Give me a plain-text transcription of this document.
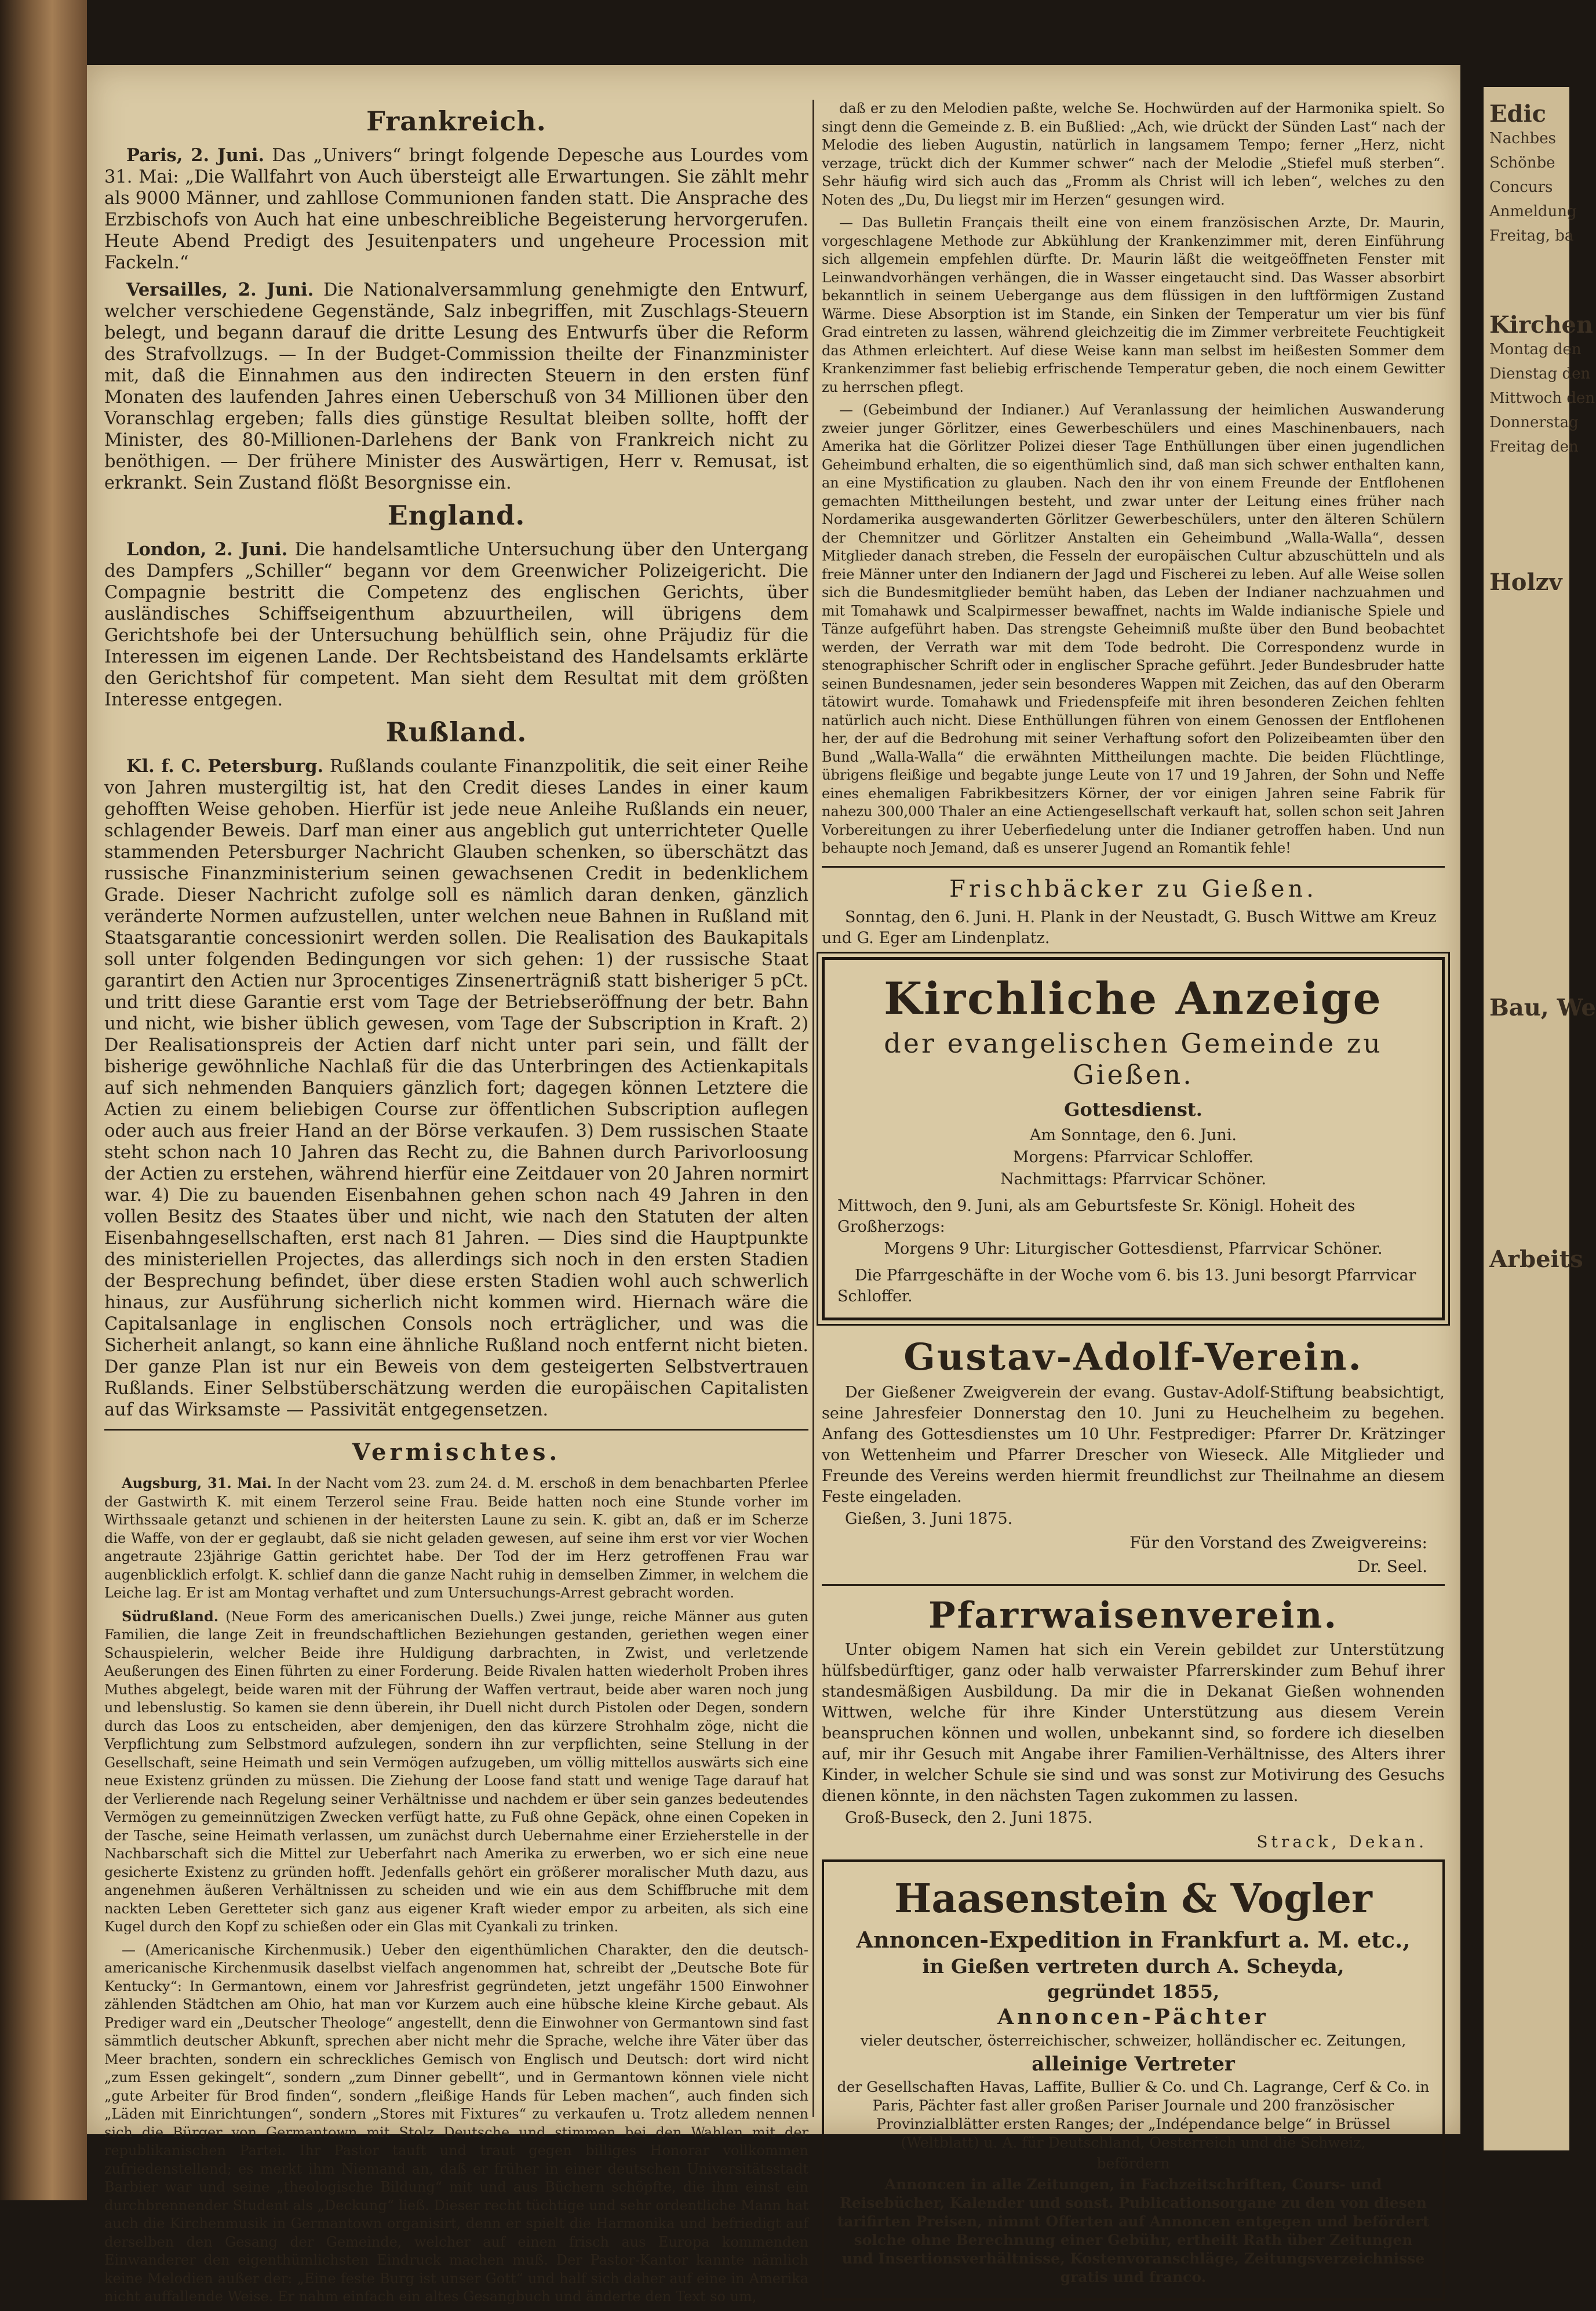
Frankreich.

Paris, 2. Juni. Das „Univers“ bringt folgende Depesche aus Lourdes vom 31. Mai: „Die Wallfahrt von Auch übersteigt alle Erwartungen. Sie zählt mehr als 9000 Männer, und zahllose Communionen fanden statt. Die Ansprache des Erzbischofs von Auch hat eine unbeschreibliche Begeisterung hervorgerufen. Heute Abend Predigt des Jesuitenpaters und ungeheure Procession mit Fackeln.“

Versailles, 2. Juni. Die Nationalversammlung genehmigte den Entwurf, welcher verschiedene Gegenstände, Salz inbegriffen, mit Zuschlags-Steuern belegt, und begann darauf die dritte Lesung des Entwurfs über die Reform des Strafvollzugs. — In der Budget-Commission theilte der Finanzminister mit, daß die Einnahmen aus den indirecten Steuern in den ersten fünf Monaten des laufenden Jahres einen Ueberschuß von 34 Millionen über den Voranschlag ergeben; falls dies günstige Resultat bleiben sollte, hofft der Minister, des 80-Millionen-Darlehens der Bank von Frankreich nicht zu benöthigen. — Der frühere Minister des Auswärtigen, Herr v. Remusat, ist erkrankt. Sein Zustand flößt Besorgnisse ein.

England.

London, 2. Juni. Die handelsamtliche Untersuchung über den Untergang des Dampfers „Schiller“ begann vor dem Greenwicher Polizeigericht. Die Compagnie bestritt die Competenz des englischen Gerichts, über ausländisches Schiffseigenthum abzuurtheilen, will übrigens dem Gerichtshofe bei der Untersuchung behülflich sein, ohne Präjudiz für die Interessen im eigenen Lande. Der Rechtsbeistand des Handelsamts erklärte den Gerichtshof für competent. Man sieht dem Resultat mit dem größten Interesse entgegen.

Rußland.

Kl. f. C. Petersburg. Rußlands coulante Finanzpolitik, die seit einer Reihe von Jahren mustergiltig ist, hat den Credit dieses Landes in einer kaum gehofften Weise gehoben. Hierfür ist jede neue Anleihe Rußlands ein neuer, schlagender Beweis. Darf man einer aus angeblich gut unterrichteter Quelle stammenden Petersburger Nachricht Glauben schenken, so überschätzt das russische Finanzministerium seinen gewachsenen Credit in bedenklichem Grade. Dieser Nachricht zufolge soll es nämlich daran denken, gänzlich veränderte Normen aufzustellen, unter welchen neue Bahnen in Rußland mit Staatsgarantie concessionirt werden sollen. Die Realisation des Baukapitals soll unter folgenden Bedingungen vor sich gehen: 1) der russische Staat garantirt den Actien nur 3procentiges Zinsenerträgniß statt bisheriger 5 pCt. und tritt diese Garantie erst vom Tage der Betriebseröffnung der betr. Bahn und nicht, wie bisher üblich gewesen, vom Tage der Subscription in Kraft. 2) Der Realisationspreis der Actien darf nicht unter pari sein, und fällt der bisherige gewöhnliche Nachlaß für die das Unterbringen des Actienkapitals auf sich nehmenden Banquiers gänzlich fort; dagegen können Letztere die Actien zu einem beliebigen Course zur öffentlichen Subscription auflegen oder auch aus freier Hand an der Börse verkaufen. 3) Dem russischen Staate steht schon nach 10 Jahren das Recht zu, die Bahnen durch Parivorloosung der Actien zu erstehen, während hierfür eine Zeitdauer von 20 Jahren normirt war. 4) Die zu bauenden Eisenbahnen gehen schon nach 49 Jahren in den vollen Besitz des Staates über und nicht, wie nach den Statuten der alten Eisenbahngesellschaften, erst nach 81 Jahren. — Dies sind die Hauptpunkte des ministeriellen Projectes, das allerdings sich noch in den ersten Stadien der Besprechung befindet, über diese ersten Stadien wohl auch schwerlich hinaus, zur Ausführung sicherlich nicht kommen wird. Hiernach wäre die Capitalsanlage in englischen Consols noch erträglicher, und was die Sicherheit anlangt, so kann eine ähnliche Rußland noch entfernt nicht bieten. Der ganze Plan ist nur ein Beweis von dem gesteigerten Selbstvertrauen Rußlands. Einer Selbstüberschätzung werden die europäischen Capitalisten auf das Wirksamste — Passivität entgegensetzen.

Vermischtes.

Augsburg, 31. Mai. In der Nacht vom 23. zum 24. d. M. erschoß in dem benachbarten Pferlee der Gastwirth K. mit einem Terzerol seine Frau. Beide hatten noch eine Stunde vorher im Wirthssaale getanzt und schienen in der heitersten Laune zu sein. K. gibt an, daß er im Scherze die Waffe, von der er geglaubt, daß sie nicht geladen gewesen, auf seine ihm erst vor vier Wochen angetraute 23jährige Gattin gerichtet habe. Der Tod der im Herz getroffenen Frau war augenblicklich erfolgt. K. schlief dann die ganze Nacht ruhig in demselben Zimmer, in welchem die Leiche lag. Er ist am Montag verhaftet und zum Untersuchungs-Arrest gebracht worden.

Südrußland. (Neue Form des americanischen Duells.) Zwei junge, reiche Männer aus guten Familien, die lange Zeit in freundschaftlichen Beziehungen gestanden, geriethen wegen einer Schauspielerin, welcher Beide ihre Huldigung darbrachten, in Zwist, und verletzende Aeußerungen des Einen führten zu einer Forderung. Beide Rivalen hatten wiederholt Proben ihres Muthes abgelegt, beide waren mit der Führung der Waffen vertraut, beide aber waren noch jung und lebenslustig. So kamen sie denn überein, ihr Duell nicht durch Pistolen oder Degen, sondern durch das Loos zu entscheiden, aber demjenigen, den das kürzere Strohhalm zöge, nicht die Verpflichtung zum Selbstmord aufzulegen, sondern ihn zur verpflichten, seine Stellung in der Gesellschaft, seine Heimath und sein Vermögen aufzugeben, um völlig mittellos auswärts sich eine neue Existenz gründen zu müssen. Die Ziehung der Loose fand statt und wenige Tage darauf hat der Verlierende nach Regelung seiner Verhältnisse und nachdem er über sein ganzes bedeutendes Vermögen zu gemeinnützigen Zwecken verfügt hatte, zu Fuß ohne Gepäck, ohne einen Copeken in der Tasche, seine Heimath verlassen, um zunächst durch Uebernahme einer Erzieherstelle in der Nachbarschaft sich die Mittel zur Ueberfahrt nach Amerika zu erwerben, wo er sich eine neue gesicherte Existenz zu gründen hofft. Jedenfalls gehört ein größerer moralischer Muth dazu, aus angenehmen äußeren Verhältnissen zu scheiden und wie ein aus dem Schiffbruche mit dem nackten Leben Geretteter sich ganz aus eigener Kraft wieder empor zu arbeiten, als sich eine Kugel durch den Kopf zu schießen oder ein Glas mit Cyankali zu trinken.

— (Americanische Kirchenmusik.) Ueber den eigenthümlichen Charakter, den die deutsch-americanische Kirchenmusik daselbst vielfach angenommen hat, schreibt der „Deutsche Bote für Kentucky“: In Germantown, einem vor Jahresfrist gegründeten, jetzt ungefähr 1500 Einwohner zählenden Städtchen am Ohio, hat man vor Kurzem auch eine hübsche kleine Kirche gebaut. Als Prediger ward ein „Deutscher Theologe“ angestellt, denn die Einwohner von Germantown sind fast sämmtlich deutscher Abkunft, sprechen aber nicht mehr die Sprache, welche ihre Väter über das Meer brachten, sondern ein schreckliches Gemisch von Englisch und Deutsch: dort wird nicht „zum Essen gekingelt“, sondern „zum Dinner gebellt“, und in Germantown können viele nicht „gute Arbeiter für Brod finden“, sondern „fleißige Hands für Leben machen“, auch finden sich „Läden mit Einrichtungen“, sondern „Stores mit Fixtures“ zu verkaufen u. Trotz alledem nennen sich die Bürger von Germantown mit Stolz Deutsche und stimmen bei den Wahlen mit der republikanischen Partei. Ihr Pastor tauft und traut gegen billiges Honorar vollkommen zufriedenstellend; es merkt ihm Niemand an, daß er früher in einer deutschen Universitätsstadt Barbier war und seine „theologische Bildung“ mit und aus Büchern schöpfte, die ihm einst ein durchbrennender Student als „Deckung“ ließ. Dieser recht tüchtige und sehr ordentliche Mann hat auch die Kirchenmusik in Germantown organisirt, denn er spielt die Harmonika und befriedigt auf derselben den Gesang der Gemeinde, welcher auf einen frisch aus Europa kommenden Einwanderer den eigenthümlichsten Eindruck machen muß. Der Pastor-Kantor kannte nämlich keine Melodien außer der: „Eine feste Burg ist unser Gott“ und half sich daher auf eine in Amerika nicht auffallende Weise. Er nahm einfach ein altes Gesangbuch und änderte den Text so um,

daß er zu den Melodien paßte, welche Se. Hochwürden auf der Harmonika spielt. So singt denn die Gemeinde z. B. ein Bußlied: „Ach, wie drückt der Sünden Last“ nach der Melodie des lieben Augustin, natürlich in langsamem Tempo; ferner „Herz, nicht verzage, trückt dich der Kummer schwer“ nach der Melodie „Stiefel muß sterben“. Sehr häufig wird sich auch das „Fromm als Christ will ich leben“, welches zu den Noten des „Du, Du liegst mir im Herzen“ gesungen wird.

— Das Bulletin Français theilt eine von einem französischen Arzte, Dr. Maurin, vorgeschlagene Methode zur Abkühlung der Krankenzimmer mit, deren Einführung sich allgemein empfehlen dürfte. Dr. Maurin läßt die weitgeöffneten Fenster mit Leinwandvorhängen verhängen, die in Wasser eingetaucht sind. Das Wasser absorbirt bekanntlich in seinem Uebergange aus dem flüssigen in den luftförmigen Zustand Wärme. Diese Absorption ist im Stande, ein Sinken der Temperatur um vier bis fünf Grad eintreten zu lassen, während gleichzeitig die im Zimmer verbreitete Feuchtigkeit das Athmen erleichtert. Auf diese Weise kann man selbst im heißesten Sommer dem Krankenzimmer fast beliebig erfrischende Temperatur geben, die noch einem Gewitter zu herrschen pflegt.

— (Gebeimbund der Indianer.) Auf Veranlassung der heimlichen Auswanderung zweier junger Görlitzer, eines Gewerbeschülers und eines Maschinenbauers, nach Amerika hat die Görlitzer Polizei dieser Tage Enthüllungen über einen jugendlichen Geheimbund erhalten, die so eigenthümlich sind, daß man sich schwer enthalten kann, an eine Mystification zu glauben. Nach den ihr von einem Freunde der Entflohenen gemachten Mittheilungen besteht, und zwar unter der Leitung eines früher nach Nordamerika ausgewanderten Görlitzer Gewerbeschülers, unter den älteren Schülern der Chemnitzer und Görlitzer Anstalten ein Geheimbund „Walla-Walla“, dessen Mitglieder danach streben, die Fesseln der europäischen Cultur abzuschütteln und als freie Männer unter den Indianern der Jagd und Fischerei zu leben. Auf alle Weise sollen sich die Bundesmitglieder bemüht haben, das Leben der Indianer nachzuahmen und mit Tomahawk und Scalpirmesser bewaffnet, nachts im Walde indianische Spiele und Tänze aufgeführt haben. Das strengste Geheimniß mußte über den Bund beobachtet werden, der Verrath war mit dem Tode bedroht. Die Correspondenz wurde in stenographischer Schrift oder in englischer Sprache geführt. Jeder Bundesbruder hatte seinen Bundesnamen, jeder sein besonderes Wappen mit Zeichen, das auf den Oberarm tätowirt wurde. Tomahawk und Friedenspfeife mit ihren besonderen Zeichen fehlten natürlich auch nicht. Diese Enthüllungen führen von einem Genossen der Entflohenen her, der auf die Bedrohung mit seiner Verhaftung sofort den Polizeibeamten über den Bund „Walla-Walla“ die erwähnten Mittheilungen machte. Die beiden Flüchtlinge, übrigens fleißige und begabte junge Leute von 17 und 19 Jahren, der Sohn und Neffe eines ehemaligen Fabrikbesitzers Körner, der vor einigen Jahren seine Fabrik für nahezu 300,000 Thaler an eine Actiengesellschaft verkauft hat, sollen schon seit Jahren Vorbereitungen zu ihrer Ueberfiedelung unter die Indianer getroffen haben. Und nun behaupte noch Jemand, daß es unserer Jugend an Romantik fehle!

Frischbäcker zu Gießen.

Sonntag, den 6. Juni. H. Plank in der Neustadt, G. Busch Wittwe am Kreuz und G. Eger am Lindenplatz.

Kirchliche Anzeige
der evangelischen Gemeinde zu Gießen.
Gottesdienst.
Am Sonntage, den 6. Juni.
Morgens: Pfarrvicar Schloffer.
Nachmittags: Pfarrvicar Schöner.
Mittwoch, den 9. Juni, als am Geburtsfeste Sr. Königl. Hoheit des Großherzogs:
Morgens 9 Uhr: Liturgischer Gottesdienst, Pfarrvicar Schöner.
Die Pfarrgeschäfte in der Woche vom 6. bis 13. Juni besorgt Pfarrvicar Schloffer.
Gustav-Adolf-Verein.

Der Gießener Zweigverein der evang. Gustav-Adolf-Stiftung beabsichtigt, seine Jahresfeier Donnerstag den 10. Juni zu Heuchelheim zu begehen. Anfang des Gottesdienstes um 10 Uhr. Festprediger: Pfarrer Dr. Krätzinger von Wettenheim und Pfarrer Drescher von Wieseck. Alle Mitglieder und Freunde des Vereins werden hiermit freundlichst zur Theilnahme an diesem Feste eingeladen.

Gießen, 3. Juni 1875.

Für den Vorstand des Zweigvereins:
Dr. Seel.
Pfarrwaisenverein.

Unter obigem Namen hat sich ein Verein gebildet zur Unterstützung hülfsbedürftiger, ganz oder halb verwaister Pfarrerskinder zum Behuf ihrer standesmäßigen Ausbildung. Da mir die in Dekanat Gießen wohnenden Wittwen, welche für ihre Kinder Unterstützung aus diesem Verein beanspruchen können und wollen, unbekannt sind, so fordere ich dieselben auf, mir ihr Gesuch mit Angabe ihrer Familien-Verhältnisse, des Alters ihrer Kinder, in welcher Schule sie sind und was sonst zur Motivirung des Gesuchs dienen könnte, in den nächsten Tagen zukommen zu lassen.

Groß-Buseck, den 2. Juni 1875.

Strack, Dekan.
Haasenstein & Vogler
Annoncen-Expedition in Frankfurt a. M. etc.,
in Gießen vertreten durch A. Scheyda,
gegründet 1855,
Annoncen-Pächter
vieler deutscher, österreichischer, schweizer, holländischer ec. Zeitungen,
alleinige Vertreter
der Gesellschaften Havas, Laffite, Bullier & Co. und Ch. Lagrange, Cerf & Co. in Paris, Pächter fast aller großen Pariser Journale und 200 französischer Provinzialblätter ersten Ranges; der „Indépendance belge“ in Brüssel (Weltblatt) u. A. für Deutschland, Oesterreich und die Schweiz,
befördern
Annoncen in alle Zeitungen, in Fachzeitschriften, Cours- und Reisebücher, Kalender und sonst. Publicationsorgane zu den von diesen tarifirten Preisen, nimmt Offerten auf Annoncen entgegen und befördert solche ohne Berechnung einer Gebühr, ertheilt Rath über Zeitungen und Insertionsverhältnisse, Kostenvoranschläge, Zeitungsverzeichnisse gratis und franco.

Edic

Nachbes

Schönbe

Concurs

Anmeldung

Freitag, ba

Kirchen

Montag den

Dienstag den

Mittwoch den

Donnerstag

Freitag den

Holzv

Bau, We

Arbeits
